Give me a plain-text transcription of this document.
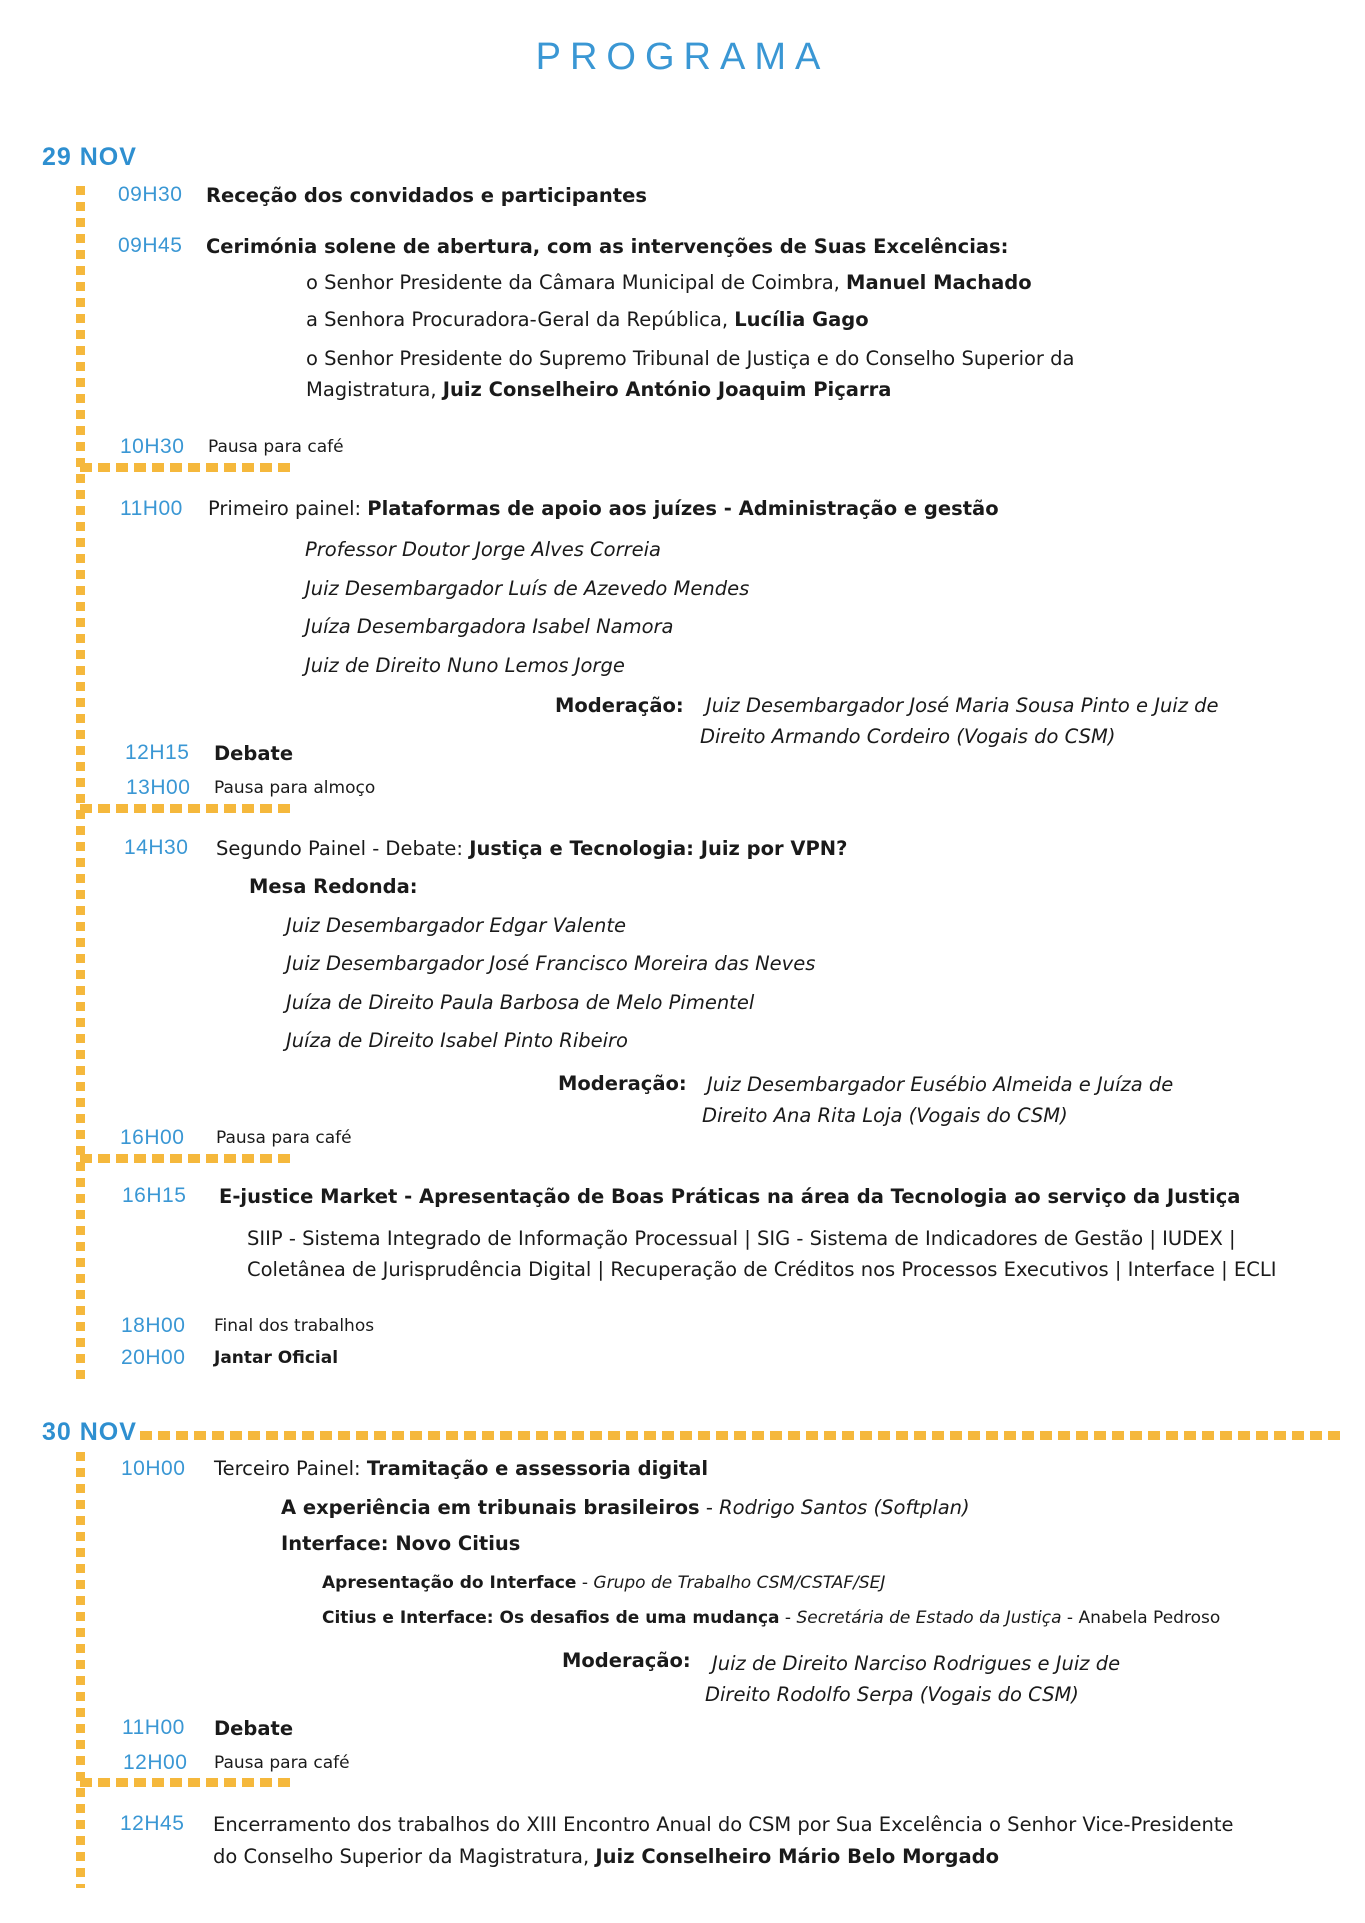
PROGRAMA
29 NOV
09H30 Receção dos convidados e participantes
09H45 Cerimónia solene de abertura, com as intervenções de Suas Excelências:
o Senhor Presidente da Câmara Municipal de Coimbra, Manuel Machado
a Senhora Procuradora-Geral da República, Lucília Gago
o Senhor Presidente do Supremo Tribunal de Justiça e do Conselho Superior da
Magistratura, Juiz Conselheiro António Joaquim Piçarra
10H30 Pausa para café
11H00 Primeiro painel: Plataformas de apoio aos juízes - Administração e gestão
Professor Doutor Jorge Alves Correia
Juiz Desembargador Luís de Azevedo Mendes
Juíza Desembargadora Isabel Namora
Juiz de Direito Nuno Lemos Jorge
Moderação: Juiz Desembargador José Maria Sousa Pinto e Juiz de
Direito Armando Cordeiro (Vogais do CSM)
12H15 Debate
13H00 Pausa para almoço
14H30 Segundo Painel - Debate: Justiça e Tecnologia: Juiz por VPN?
Mesa Redonda:
Juiz Desembargador Edgar Valente
Juiz Desembargador José Francisco Moreira das Neves
Juíza de Direito Paula Barbosa de Melo Pimentel
Juíza de Direito Isabel Pinto Ribeiro
Moderação: Juiz Desembargador Eusébio Almeida e Juíza de
Direito Ana Rita Loja (Vogais do CSM)
16H00 Pausa para café
16H15 E-justice Market - Apresentação de Boas Práticas na área da Tecnologia ao serviço da Justiça
SIIP - Sistema Integrado de Informação Processual | SIG - Sistema de Indicadores de Gestão | IUDEX |
Coletânea de Jurisprudência Digital | Recuperação de Créditos nos Processos Executivos | Interface | ECLI
18H00 Final dos trabalhos
20H00 Jantar Oficial
30 NOV
10H00 Terceiro Painel: Tramitação e assessoria digital
A experiência em tribunais brasileiros - Rodrigo Santos (Softplan)
Interface: Novo Citius
Apresentação do Interface - Grupo de Trabalho CSM/CSTAF/SEJ
Citius e Interface: Os desafios de uma mudança - Secretária de Estado da Justiça - Anabela Pedroso
Moderação: Juiz de Direito Narciso Rodrigues e Juiz de
Direito Rodolfo Serpa (Vogais do CSM)
11H00 Debate
12H00 Pausa para café
12H45 Encerramento dos trabalhos do XIII Encontro Anual do CSM por Sua Excelência o Senhor Vice-Presidente
do Conselho Superior da Magistratura, Juiz Conselheiro Mário Belo Morgado
